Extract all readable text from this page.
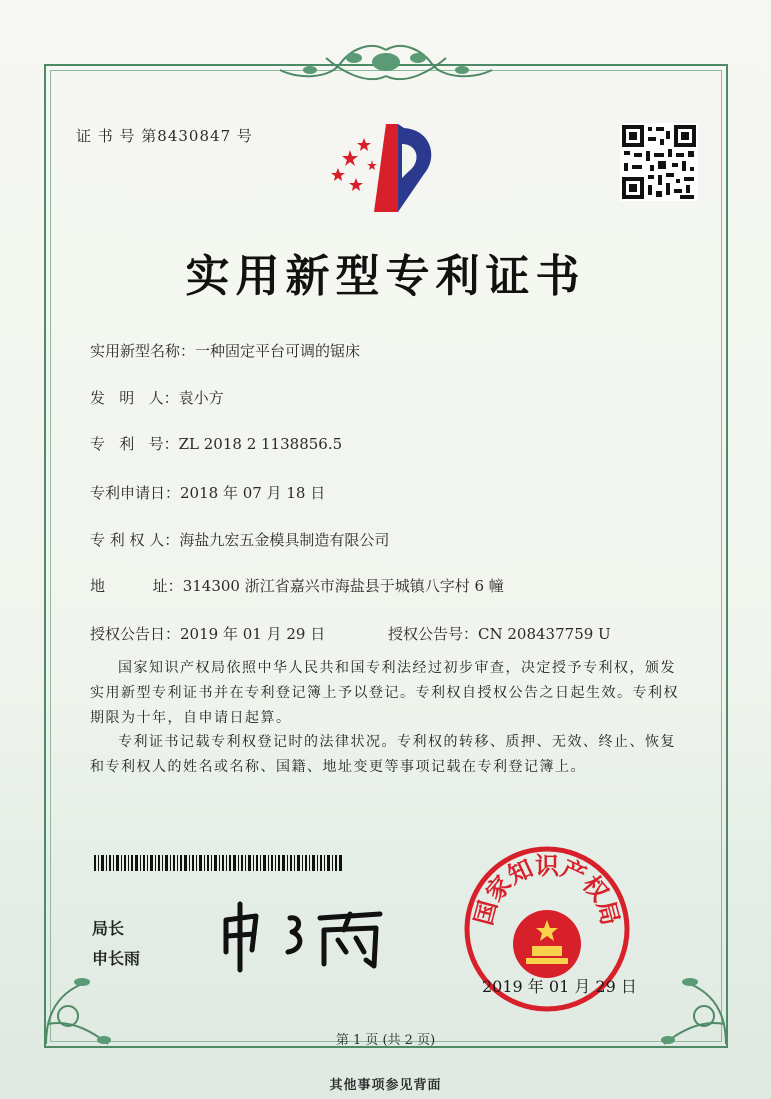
证 书 号 第8430847 号
实用新型专利证书
实用新型名称：一种固定平台可调的锯床
发   明   人：袁小方
专   利   号：ZL 2018 2 1138856.5
专利申请日：2018 年 07 月 18 日
专 利 权 人：海盐九宏五金模具制造有限公司
地          址：314300 浙江省嘉兴市海盐县于城镇八字村 6 幢
授权公告日：2019 年 01 月 29 日	授权公告号：CN 208437759 U
国家知识产权局依照中华人民共和国专利法经过初步审查，决定授予专利权，颁发实用新型专利证书并在专利登记簿上予以登记。专利权自授权公告之日起生效。专利权期限为十年，自申请日起算。
专利证书记载专利权登记时的法律状况。专利权的转移、质押、无效、终止、恢复和专利权人的姓名或名称、国籍、地址变更等事项记载在专利登记簿上。
局长
申长雨
国家知识产权局
2019 年 01 月 29 日
第 1 页 (共 2 页)
其他事项参见背面
